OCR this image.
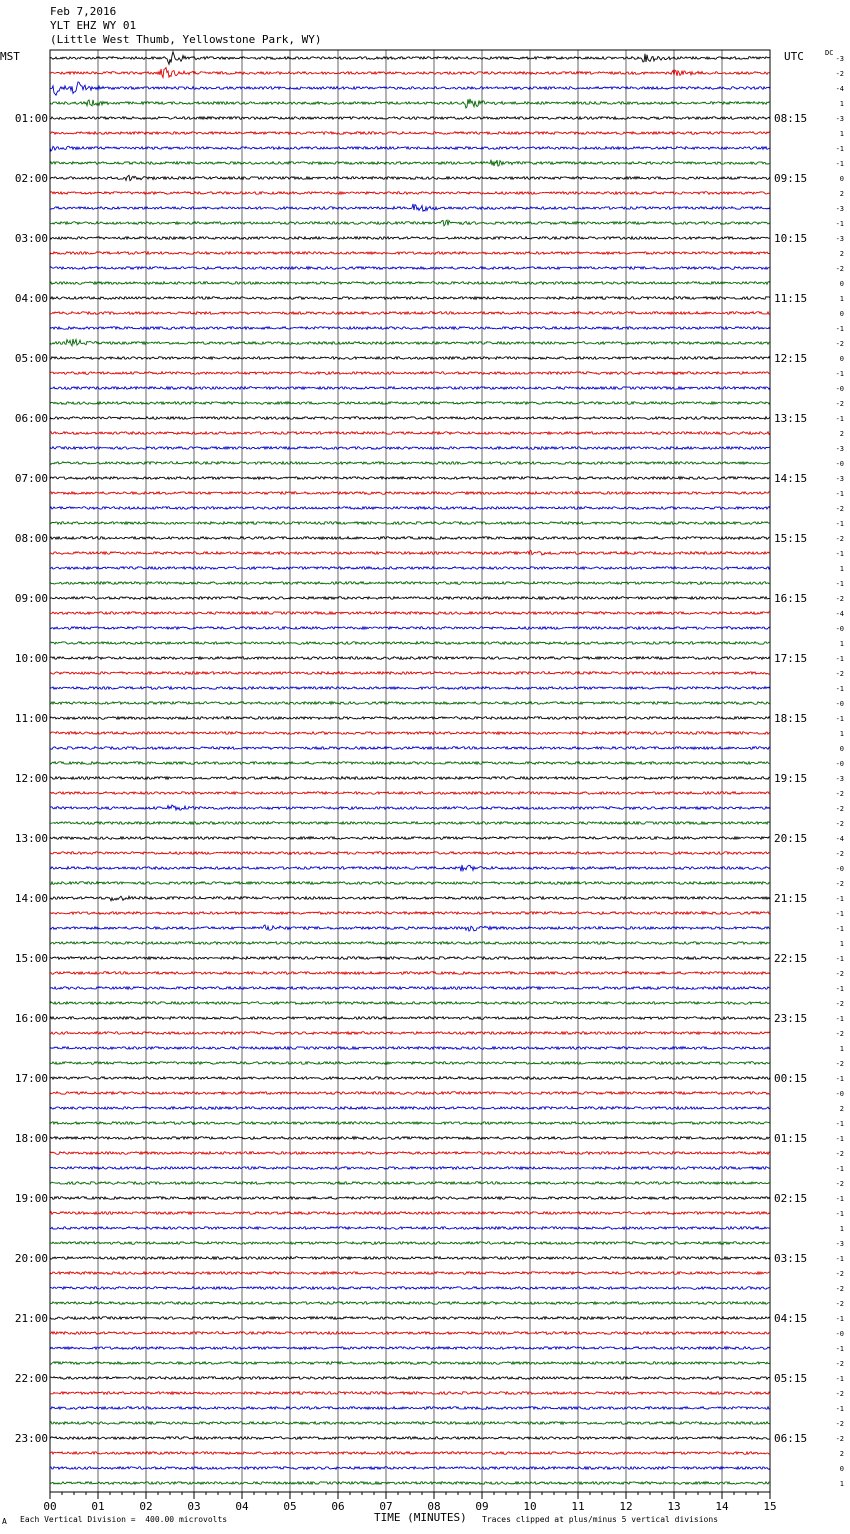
Feb 7,2016
YLT EHZ WY 01
(Little West Thumb, Yellowstone Park, WY)
MST	UTC	DC
01:00
02:00
03:00
04:00
05:00
06:00
07:00
08:00
09:00
10:00
11:00
12:00
13:00
14:00
15:00
16:00
17:00
18:00
19:00
20:00
21:00
22:00
23:00
08:15
09:15
10:15
11:15
12:15
13:15
14:15
15:15
16:15
17:15
18:15
19:15
20:15
21:15
22:15
23:15
00:15
01:15
02:15
03:15
04:15
05:15
06:15
-3
-2
-4
1
-3
1
-1
-1
0
2
-3
-1
-3
2
-2
0
1
0
-1
-2
0
-1
-0
-2
-1
2
-3
-0
-3
-1
-2
-1
-2
-1
1
-1
-2
-4
-0
1
-1
-2
-1
-0
-1
1
0
-0
-3
-2
-2
-2
-4
-2
-0
-2
-1
-1
-1
1
-1
-2
-1
-2
-1
-2
1
-2
-1
-0
2
-1
-1
-2
-1
-2
-1
-1
1
-3
-1
-2
-2
-2
-1
-0
-1
-2
-1
-2
-1
-2
-2
2
0
1
00	01	02	03	04	05	06	07	08	09	10	11	12	13	14	15
A Each Vertical Division =  400.00 microvolts	TIME (MINUTES) Traces clipped at plus/minus 5 vertical divisions
